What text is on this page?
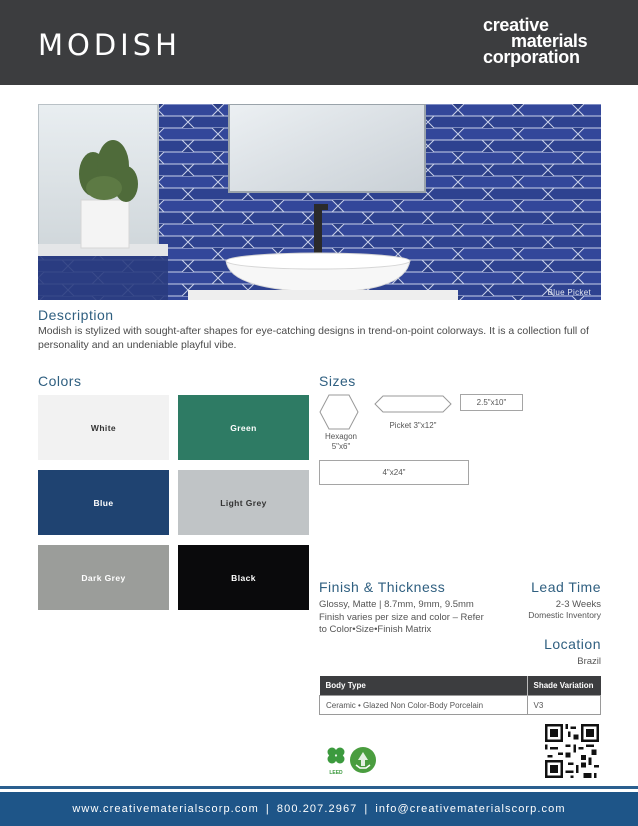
MODISH
creative
materials
corporation
Blue Picket
Description
Modish is stylized with sought-after shapes for eye-catching designs in trend-on-point colorways. It is a collection full of personality and an undeniable playful vibe.
Colors
White	Green
Blue	Light Grey
Dark Grey	Black
Sizes
Hexagon
5"x6"
Picket 3"x12"
2.5"x10"
4"x24"
Finish & Thickness
Glossy, Matte | 8.7mm, 9mm, 9.5mm
Finish varies per size and color – Refer to Color•Size•Finish Matrix
Lead Time
2-3 Weeks
Domestic Inventory
Location
Brazil
Body Type	Shade Variation
Ceramic • Glazed Non Color-Body Porcelain	V3
LEED
www.creativematerialscorp.com | 800.207.2967 | info@creativematerialscorp.com
